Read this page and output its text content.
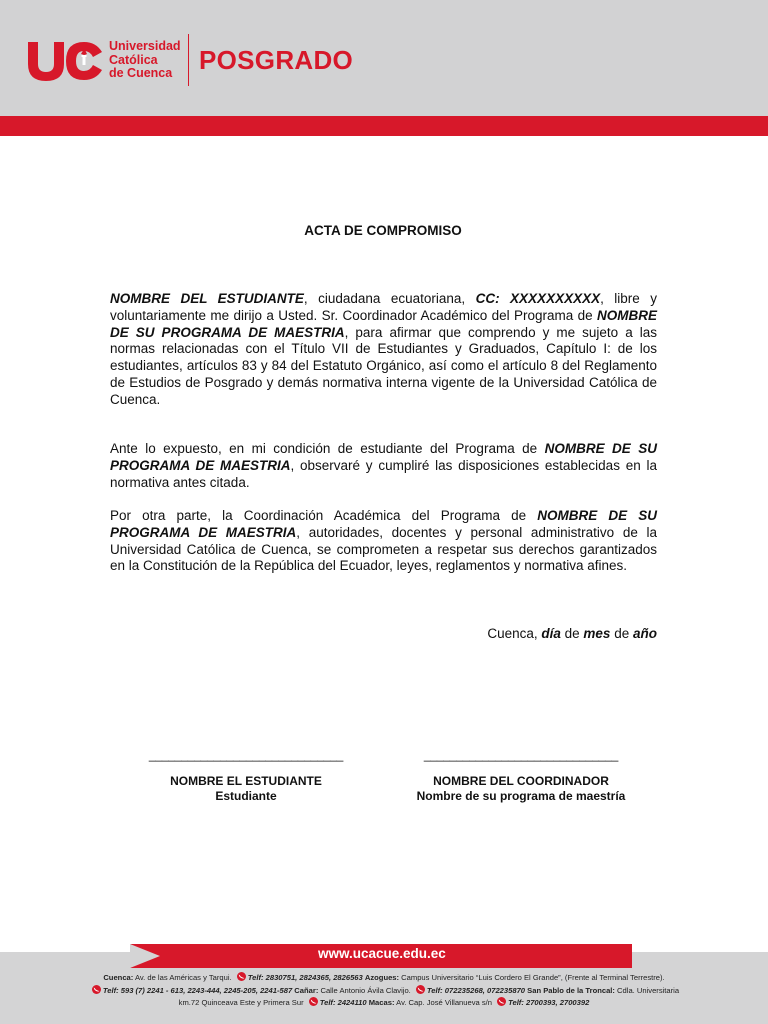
Universidad
Católica
de Cuenca	POSGRADO
ACTA DE COMPROMISO
NOMBRE DEL ESTUDIANTE, ciudadana ecuatoriana, CC: XXXXXXXXXX, libre y voluntariamente me dirijo a Usted. Sr. Coordinador Académico del Programa de NOMBRE DE SU PROGRAMA DE MAESTRIA, para afirmar que comprendo y me sujeto a las normas relacionadas con el Título VII de Estudiantes y Graduados, Capítulo I: de los estudiantes, artículos 83 y 84 del Estatuto Orgánico, así como el artículo 8 del Reglamento de Estudios de Posgrado y demás normativa interna vigente de la Universidad Católica de Cuenca.
Ante lo expuesto, en mi condición de estudiante del Programa de NOMBRE DE SU PROGRAMA DE MAESTRIA, observaré y cumpliré las disposiciones establecidas en la normativa antes citada.
Por otra parte, la Coordinación Académica del Programa de NOMBRE DE SU PROGRAMA DE MAESTRIA, autoridades, docentes y personal administrativo de la Universidad Católica de Cuenca, se comprometen a respetar sus derechos garantizados en la Constitución de la República del Ecuador, leyes, reglamentos y normativa afines.
Cuenca, día de mes de año
______________________________
NOMBRE EL ESTUDIANTE
Estudiante
______________________________
NOMBRE DEL COORDINADOR
Nombre de su programa de maestría
www.ucacue.edu.ec
Cuenca: Av. de las Américas y Tarqui. Telf: 2830751, 2824365, 2826563 Azogues: Campus Universitario “Luis Cordero El Grande”, (Frente al Terminal Terrestre).
Telf: 593 (7) 2241 - 613, 2243-444, 2245-205, 2241-587 Cañar: Calle Antonio Ávila Clavijo. Telf: 072235268, 072235870 San Pablo de la Troncal: Cdla. Universitaria
km.72 Quinceava Este y Primera Sur Telf: 2424110 Macas: Av. Cap. José Villanueva s/n Telf: 2700393, 2700392
